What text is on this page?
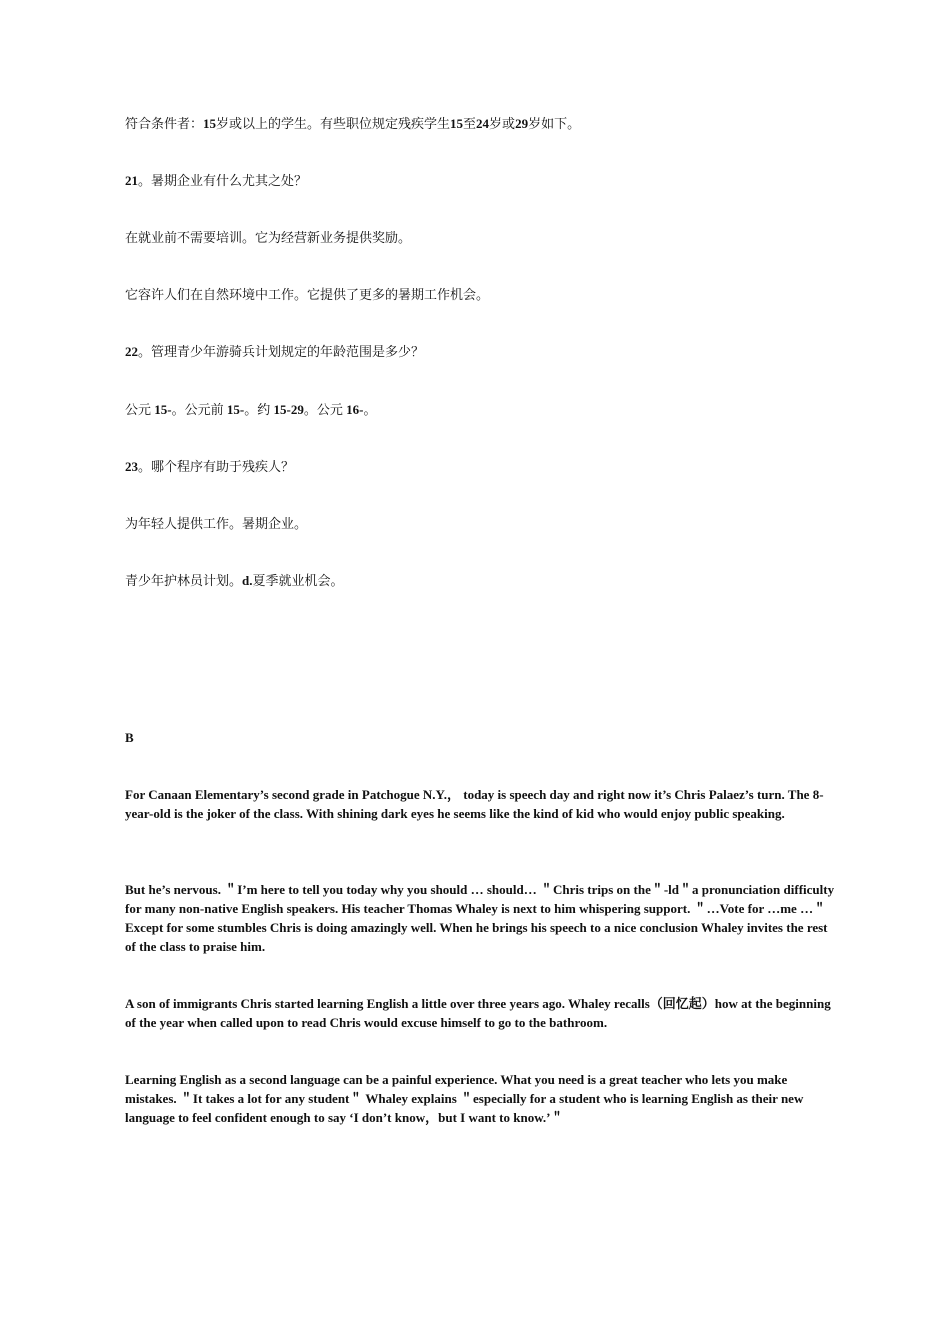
符合条件者：15岁或以上的学生。有些职位规定残疾学生15至24岁或29岁如下。
21。暑期企业有什么尤其之处？
在就业前不需要培训。它为经营新业务提供奖励。
它容许人们在自然环境中工作。它提供了更多的暑期工作机会。
22。管理青少年游骑兵计划规定的年龄范围是多少？
公元 15-。公元前 15-。约 15-29。公元 16-。
23。哪个程序有助于残疾人？
为年轻人提供工作。暑期企业。
青少年护林员计划。d.夏季就业机会。
B
For Canaan Elementary’s second grade in Patchogue N.Y.， today is speech day and right now it’s Chris Palaez’s turn. The 8-year-old is the joker of the class. With shining dark eyes he seems like the kind of kid who would enjoy public speaking.
But he’s nervous. ＂I’m here to tell you today why you should … should… ＂Chris trips on the＂-ld＂a pronunciation difficulty for many non-native English speakers. His teacher Thomas Whaley is next to him whispering support. ＂…Vote for …me …＂Except for some stumbles Chris is doing amazingly well. When he brings his speech to a nice conclusion Whaley invites the rest of the class to praise him.
A son of immigrants Chris started learning English a little over three years ago. Whaley recalls（回忆起）how at the beginning of the year when called upon to read Chris would excuse himself to go to the bathroom.
Learning English as a second language can be a painful experience. What you need is a great teacher who lets you make mistakes. ＂It takes a lot for any student＂ Whaley explains ＂especially for a student who is learning English as their new language to feel confident enough to say ‘I don’t know，but I want to know.’＂
